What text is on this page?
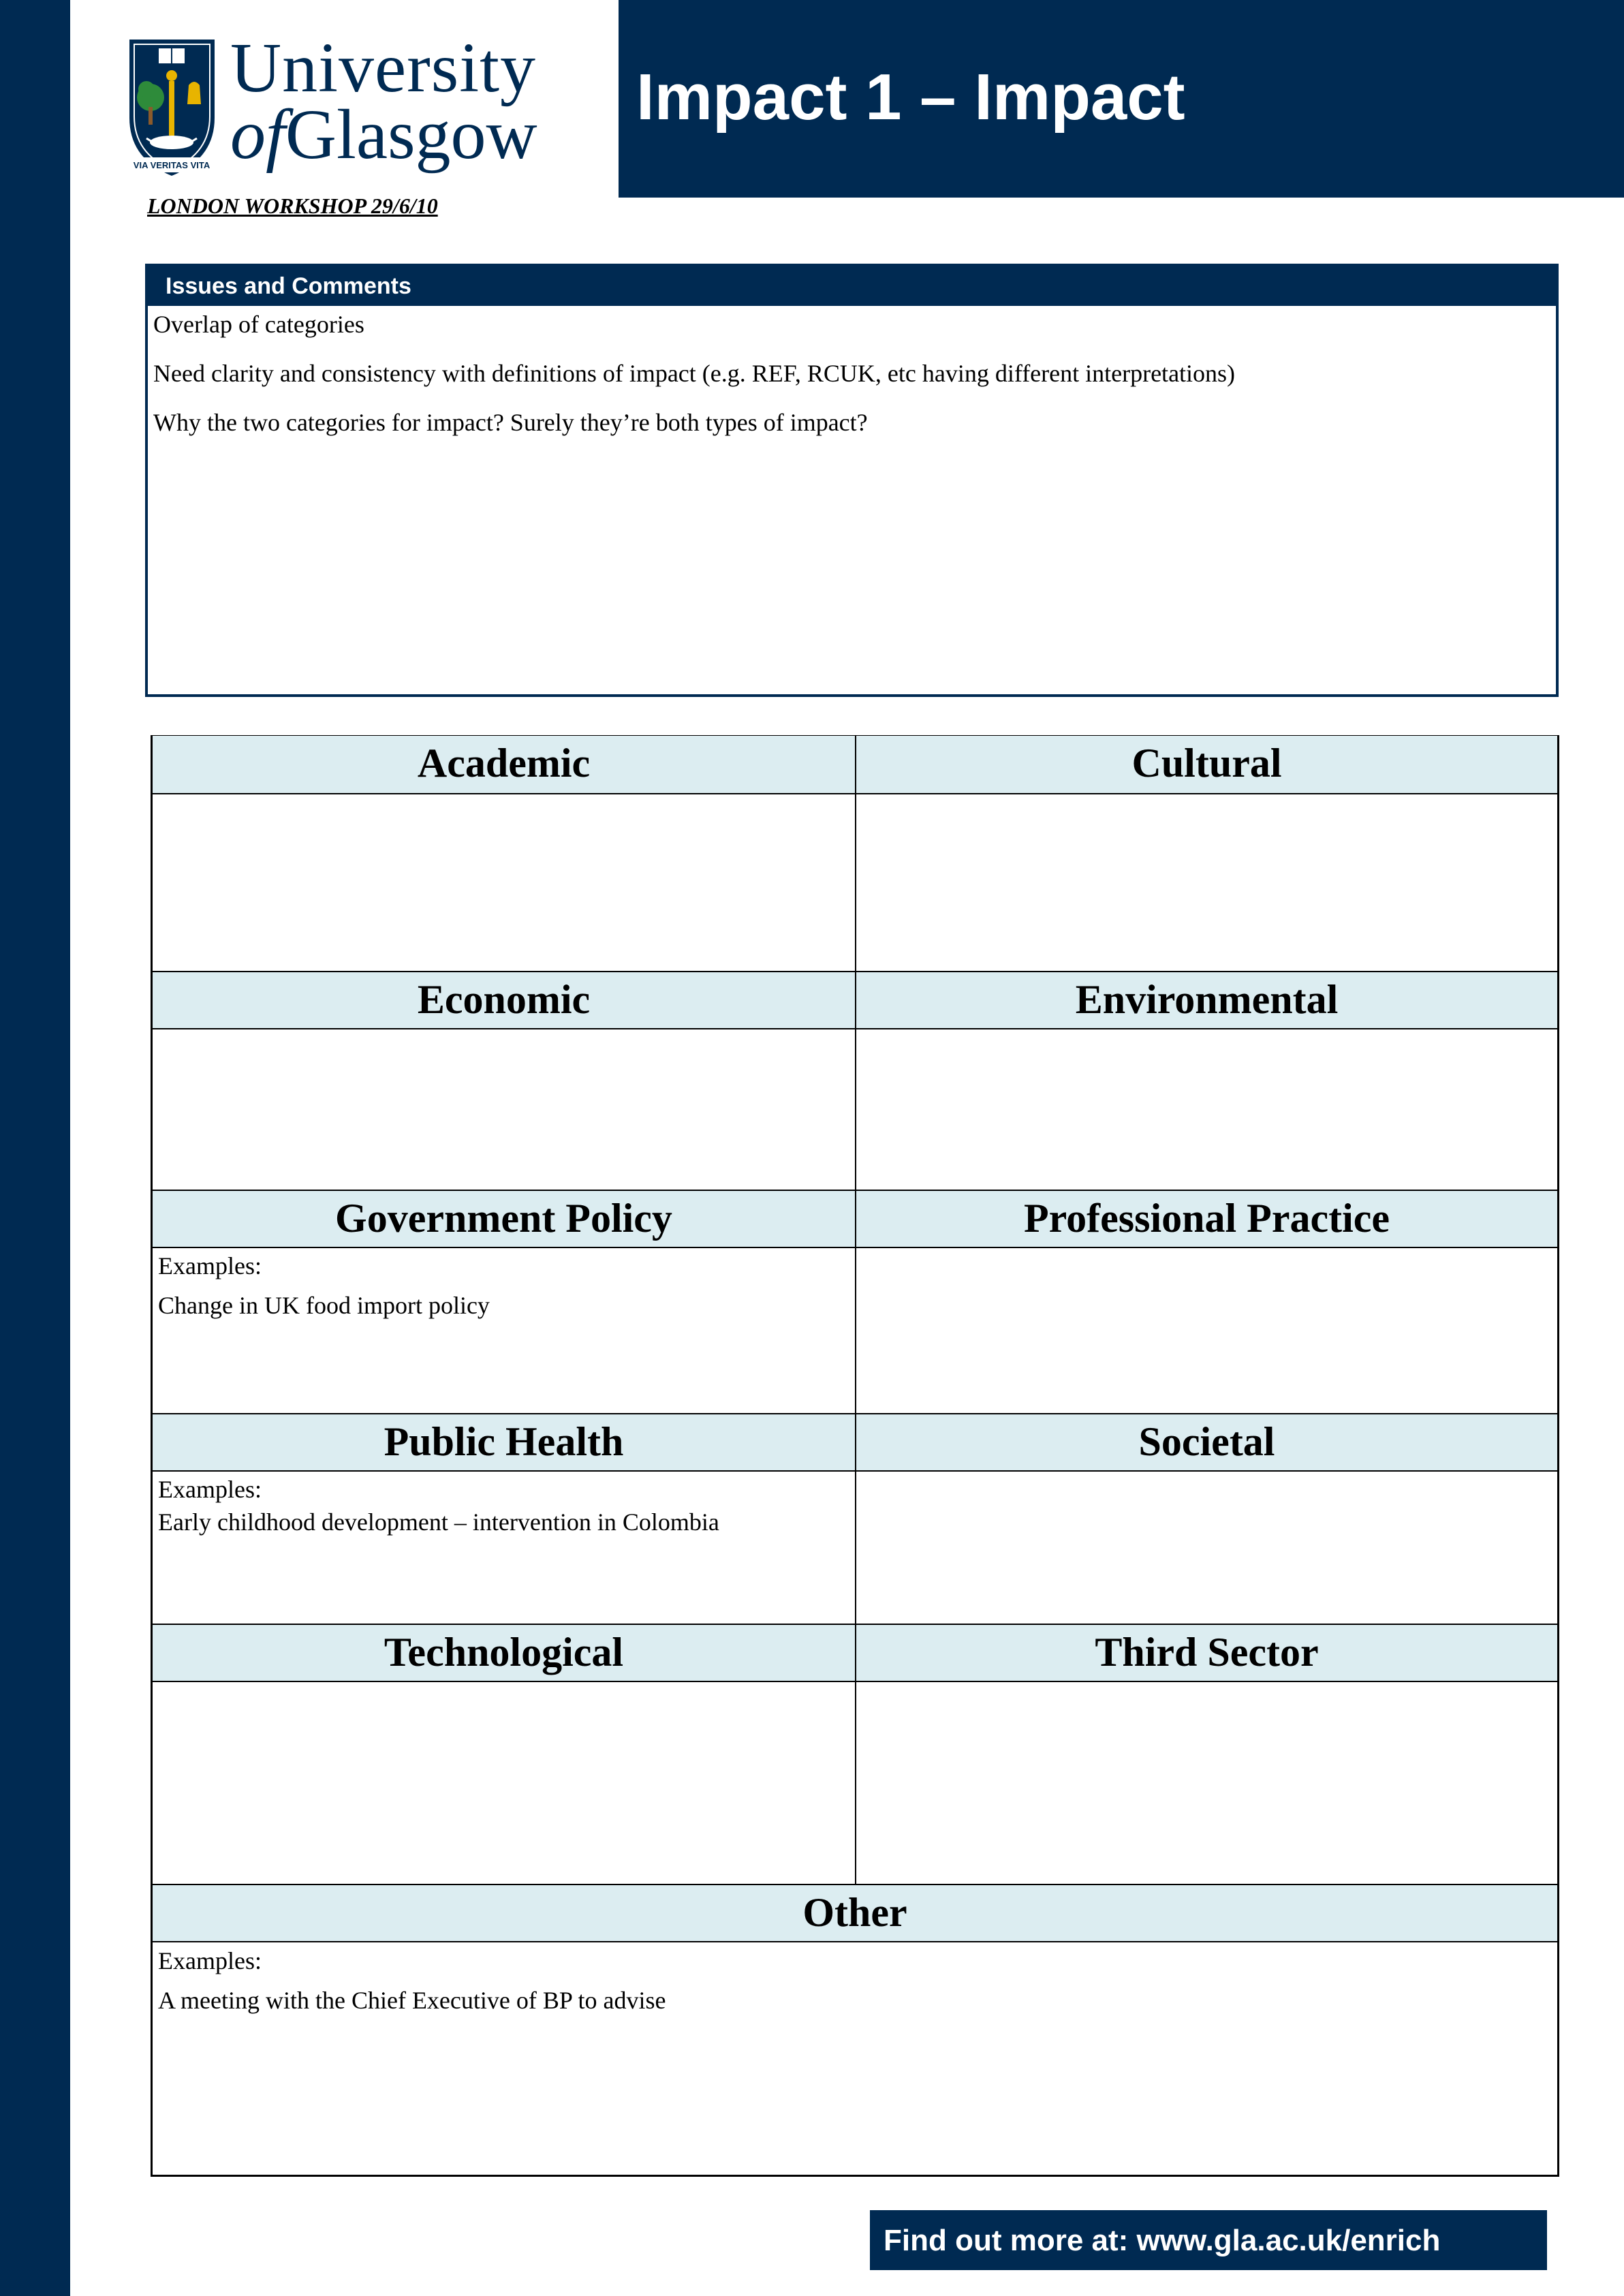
VIA VERITAS VITA
University
ofGlasgow
LONDON WORKSHOP 29/6/10
Impact 1 – Impact
Issues and Comments

Overlap of categories

Need clarity and consistency with definitions of impact (e.g. REF, RCUK, etc having different interpretations)

Why the two categories for impact? Surely they’re both types of impact?

Academic	Cultural
Economic	Environmental
Government Policy	Professional Practice
Examples:
Change in UK food import policy
Public Health	Societal
Examples:
Early childhood development – intervention in Colombia
Technological	Third Sector
Other
Examples:
A meeting with the Chief Executive of BP to advise
Find out more at: www.gla.ac.uk/enrich
